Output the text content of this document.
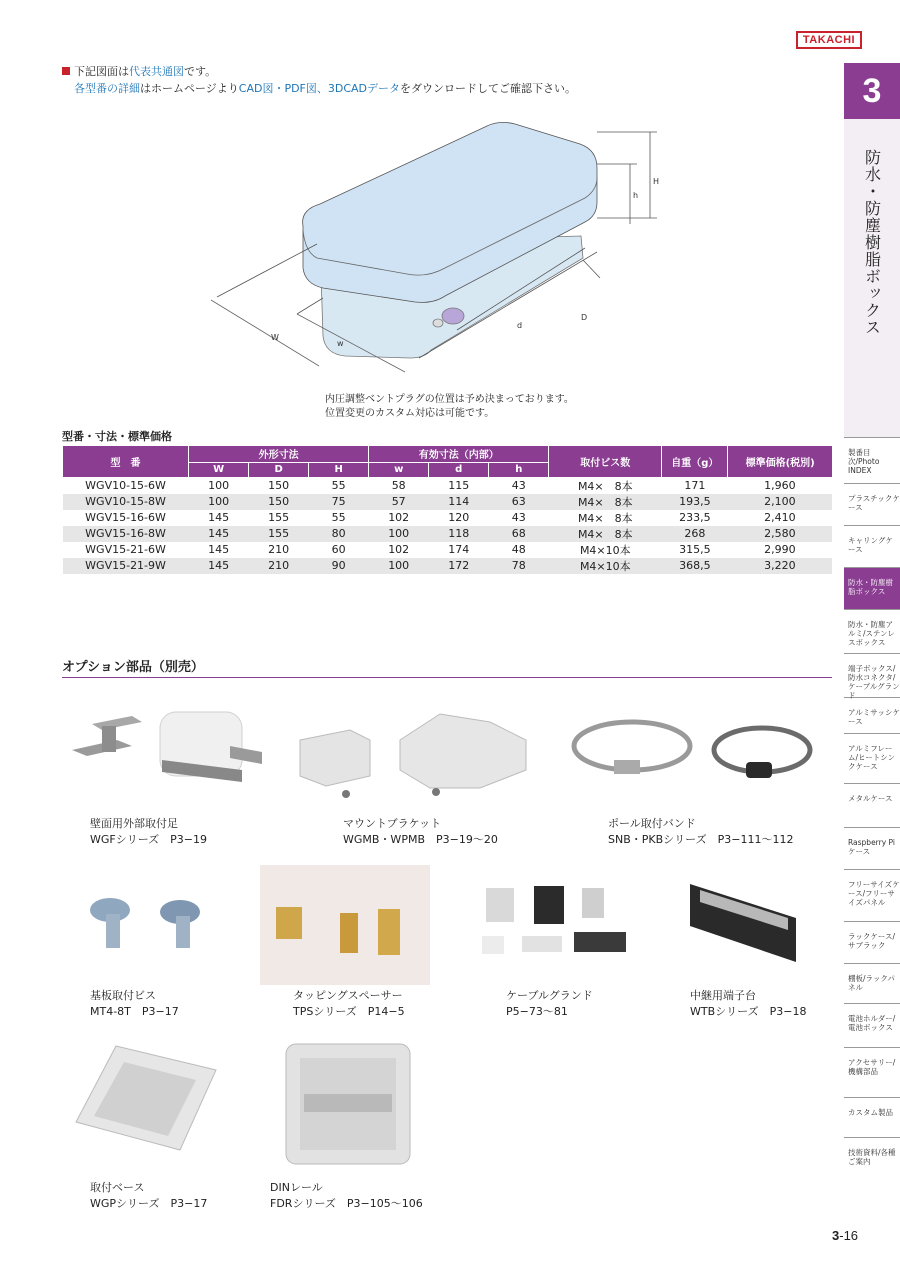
TAKACHI
下記図面は代表共通図です。
各型番の詳細はホームページよりCAD図・PDF図、3DCADデータをダウンロードしてご確認下さい。	3
防水・防塵樹脂ボックス
W
w
D
d
H
h
内圧調整ベントプラグの位置は予め決まっております。
位置変更のカスタム対応は可能です。
型番・寸法・標準価格
型　番	外形寸法			有効寸法（内部）			取付ビス数	自重（g）	標準価格(税別)
	W	D	H	w	d	h			
WGV10-15-6W	100	150	55	58	115	43	M4×　8本	171	1,960
WGV10-15-8W	100	150	75	57	114	63	M4×　8本	193,5	2,100
WGV15-16-6W	145	155	55	102	120	43	M4×　8本	233,5	2,410
WGV15-16-8W	145	155	80	100	118	68	M4×　8本	268	2,580
WGV15-21-6W	145	210	60	102	174	48	M4×10本	315,5	2,990
WGV15-21-9W	145	210	90	100	172	78	M4×10本	368,5	3,220
オプション部品（別売）
壁面用外部取付足
WGFシリーズ　P3−19
マウントブラケット
WGMB・WPMB　P3−19〜20
ポール取付バンド
SNB・PKBシリーズ　P3−111〜112
基板取付ビス
MT4-8T　P3−17
タッピングスペーサー
TPSシリーズ　P14−5
ケーブルグランド
P5−73〜81
中継用端子台
WTBシリーズ　P3−18
取付ベース
WGPシリーズ　P3−17
DINレール
FDRシリーズ　P3−105〜106
製番目次/Photo INDEX
プラスチックケース
キャリングケース
防水・防塵樹脂ボックス
防水・防塵アルミ/ステンレスボックス
端子ボックス/防水コネクタ/ケーブルグランド
アルミサッシケース
アルミフレーム/ヒートシンクケース
メタルケース
Raspberry Piケース
フリーサイズケース/フリーサイズパネル
ラックケース/サブラック
棚板/ラックパネル
電池ホルダー/電池ボックス
アクセサリー/機構部品
カスタム製品
技術資料/各種ご案内
3-16
